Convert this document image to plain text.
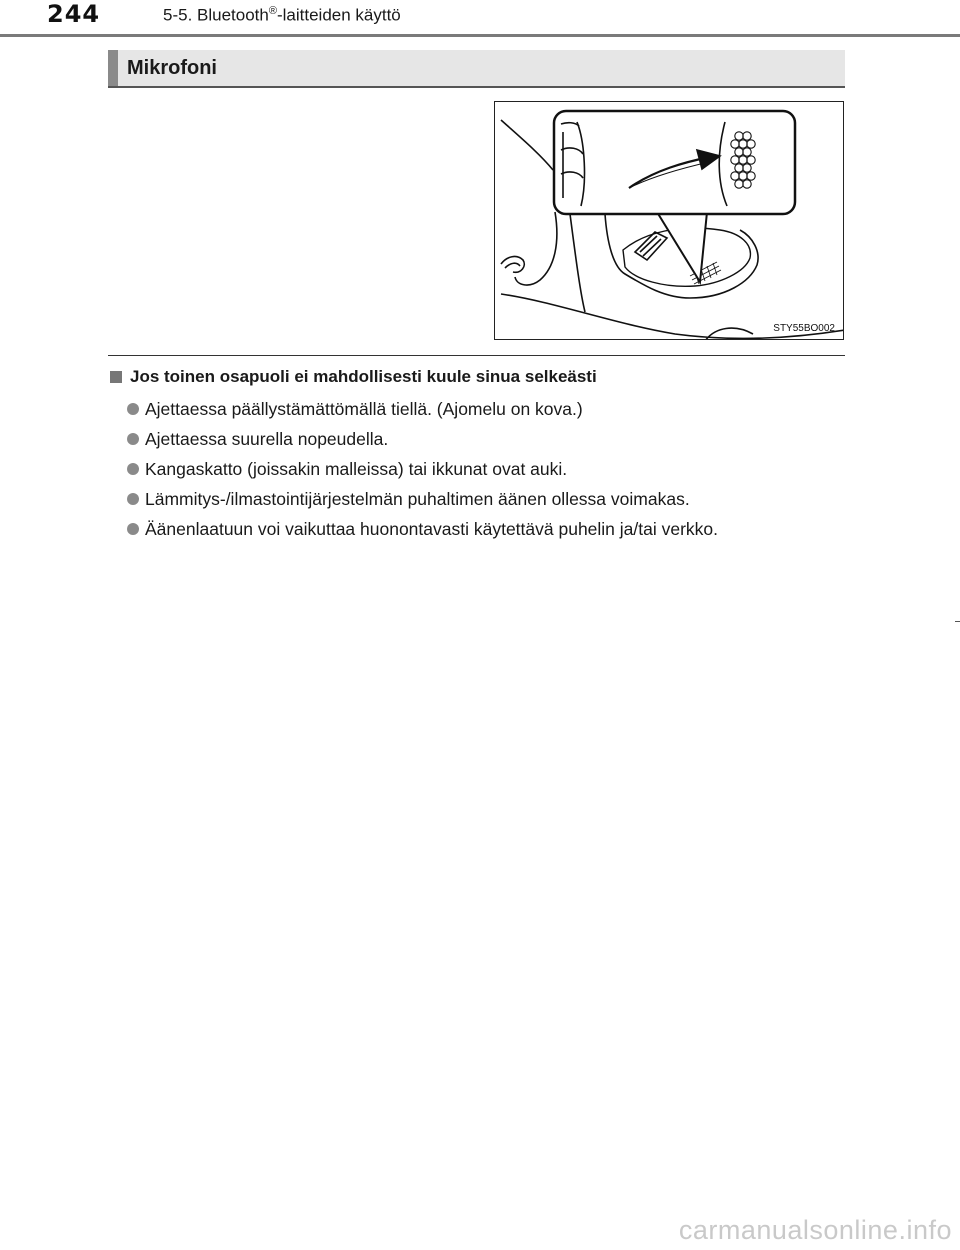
244	5-5. Bluetooth®-laitteiden käyttö
Mikrofoni
STY55BO002
Jos toinen osapuoli ei mahdollisesti kuule sinua selkeästi
Ajettaessa päällystämättömällä tiellä. (Ajomelu on kova.)
Ajettaessa suurella nopeudella.
Kangaskatto (joissakin malleissa) tai ikkunat ovat auki.
Lämmitys-/ilmastointijärjestelmän puhaltimen äänen ollessa voimakas.
Äänenlaatuun voi vaikuttaa huonontavasti käytettävä puhelin ja/tai verkko.
carmanualsonline.info
